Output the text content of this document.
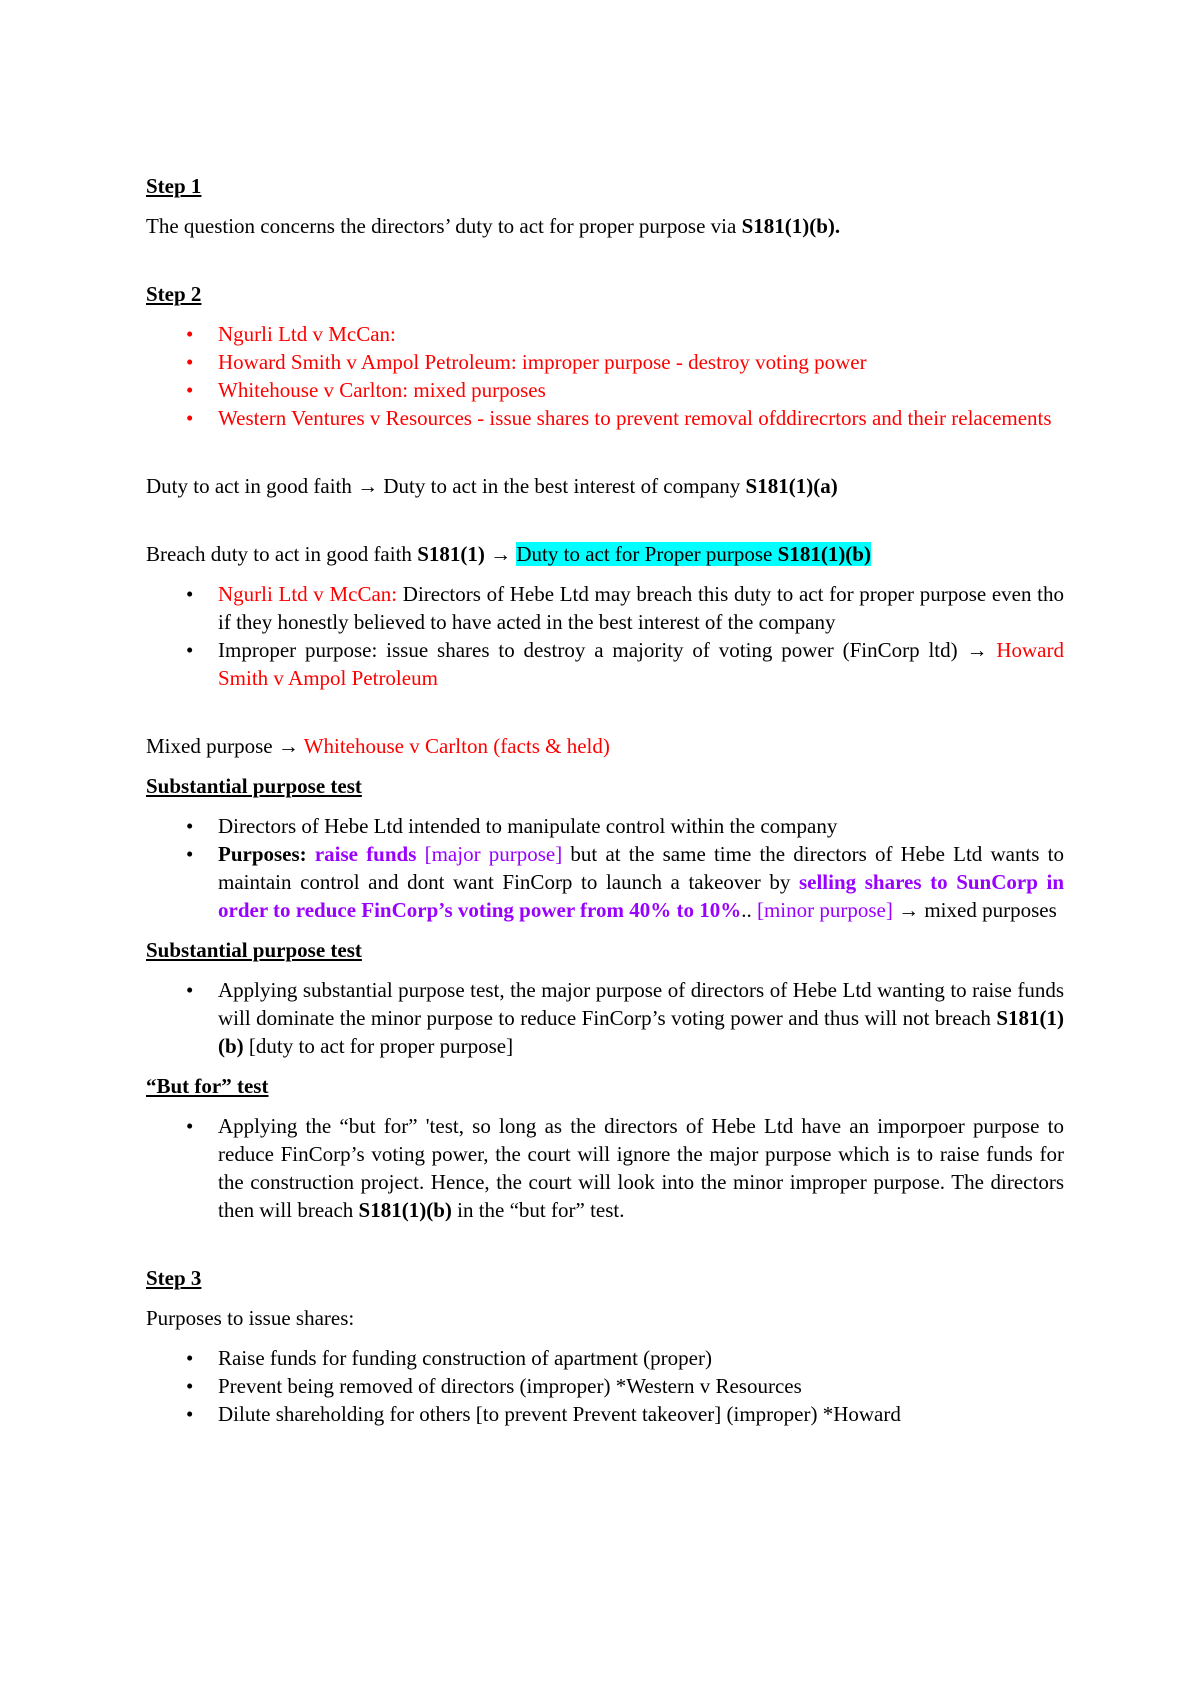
Step 1

The question concerns the directors’ duty to act for proper purpose via S181(1)(b).

Step 2

• Ngurli Ltd v McCan:
• Howard Smith v Ampol Petroleum: improper purpose - destroy voting power
• Whitehouse v Carlton: mixed purposes
• Western Ventures v Resources - issue shares to prevent removal ofddirecrtors and their relacements

Duty to act in good faith → Duty to act in the best interest of company S181(1)(a)

Breach duty to act in good faith S181(1) → Duty to act for Proper purpose S181(1)(b)

• Ngurli Ltd v McCan: Directors of Hebe Ltd may breach this duty to act for proper purpose even tho if they honestly believed to have acted in the best interest of the company
• Improper purpose: issue shares to destroy a majority of voting power (FinCorp ltd) → Howard Smith v Ampol Petroleum

Mixed purpose → Whitehouse v Carlton (facts & held)

Substantial purpose test

• Directors of Hebe Ltd intended to manipulate control within the company
• Purposes: raise funds [major purpose] but at the same time the directors of Hebe Ltd wants to maintain control and dont want FinCorp to launch a takeover by selling shares to SunCorp in order to reduce FinCorp’s voting power from 40% to 10%.. [minor purpose] → mixed purposes

Substantial purpose test

• Applying substantial purpose test, the major purpose of directors of Hebe Ltd wanting to raise funds will dominate the minor purpose to reduce FinCorp’s voting power and thus will not breach S181(1)(b) [duty to act for proper purpose]

“But for” test

• Applying the “but for” 'test, so long as the directors of Hebe Ltd have an imporpoer purpose to reduce FinCorp’s voting power, the court will ignore the major purpose which is to raise funds for the construction project. Hence, the court will look into the minor improper purpose. The directors then will breach S181(1)(b) in the “but for” test.

Step 3

Purposes to issue shares:

• Raise funds for funding construction of apartment (proper)
• Prevent being removed of directors (improper) *Western v Resources
• Dilute shareholding for others [to prevent Prevent takeover] (improper) *Howard
